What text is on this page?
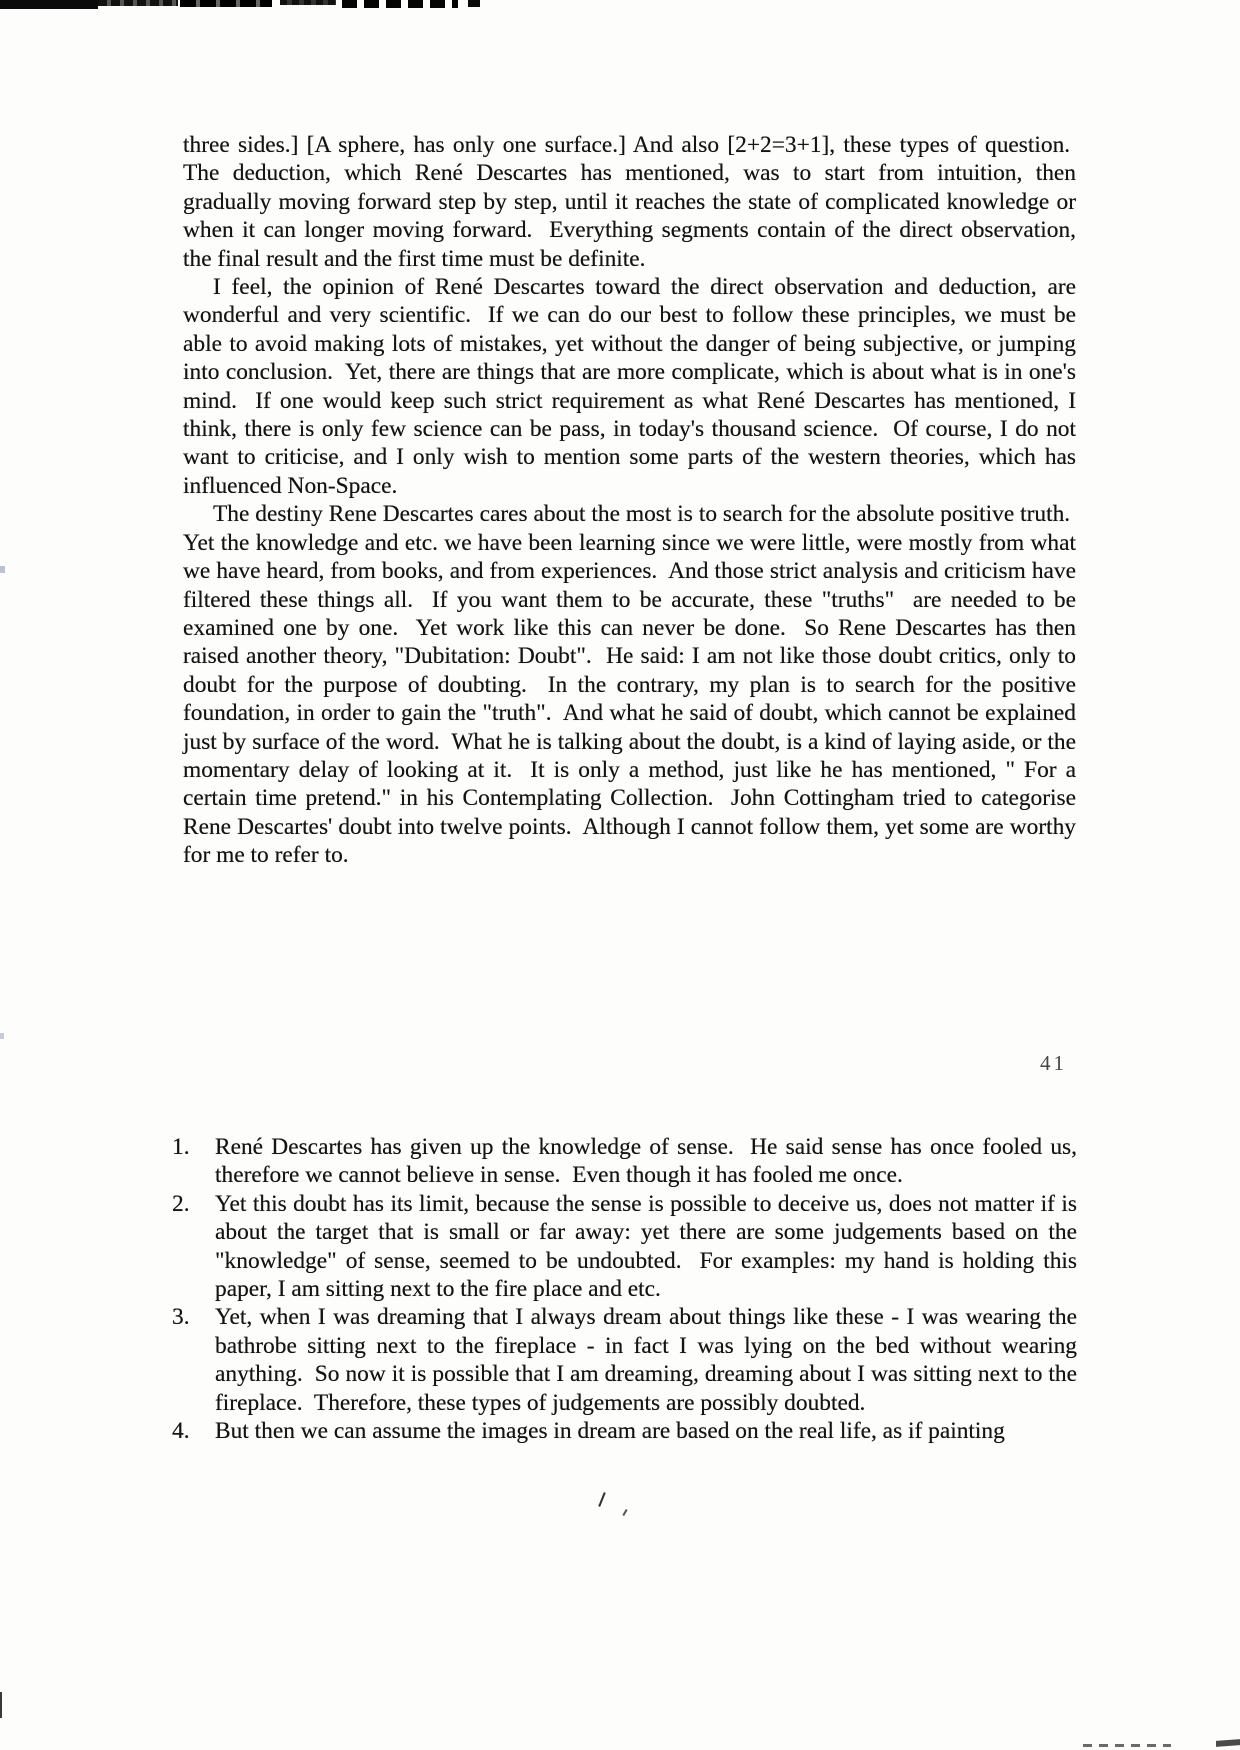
three sides.] [A sphere, has only one surface.] And also [2+2=3+1], these types of question.  The deduction, which René Descartes has mentioned, was to start from intuition, then gradually moving forward step by step, until it reaches the state of complicated knowledge or when it can longer moving forward.  Everything segments contain of the direct observation, the final result and the first time must be definite.

I feel, the opinion of René Descartes toward the direct observation and deduction, are wonderful and very scientific.  If we can do our best to follow these principles, we must be able to avoid making lots of mistakes, yet without the danger of being subjective, or jumping into conclusion.  Yet, there are things that are more complicate, which is about what is in one's mind.  If one would keep such strict requirement as what René Descartes has mentioned, I think, there is only few science can be pass, in today's thousand science.  Of course, I do not want to criticise, and I only wish to mention some parts of the western theories, which has influenced Non-Space.

The destiny Rene Descartes cares about the most is to search for the absolute positive truth.  Yet the knowledge and etc. we have been learning since we were little, were mostly from what we have heard, from books, and from experiences.  And those strict analysis and criticism have filtered these things all.  If you want them to be accurate, these "truths"  are needed to be examined one by one.  Yet work like this can never be done.  So Rene Descartes has then raised another theory, "Dubitation: Doubt".  He said: I am not like those doubt critics, only to doubt for the purpose of doubting.  In the contrary, my plan is to search for the positive foundation, in order to gain the "truth".  And what he said of doubt, which cannot be explained just by surface of the word.  What he is talking about the doubt, is a kind of laying aside, or the momentary delay of looking at it.  It is only a method, just like he has mentioned, " For a certain time pretend." in his Contemplating Collection.  John Cottingham tried to categorise Rene Descartes' doubt into twelve points.  Although I cannot follow them, yet some are worthy for me to refer to.

41
1.	René Descartes has given up the knowledge of sense.  He said sense has once fooled us, therefore we cannot believe in sense.  Even though it has fooled me once.
2.	Yet this doubt has its limit, because the sense is possible to deceive us, does not matter if is about the target that is small or far away: yet there are some judgements based on the "knowledge" of sense, seemed to be undoubted.  For examples: my hand is holding this paper, I am sitting next to the fire place and etc.
3.	Yet, when I was dreaming that I always dream about things like these - I was wearing the bathrobe sitting next to the fireplace - in fact I was lying on the bed without wearing anything.  So now it is possible that I am dreaming, dreaming about I was sitting next to the fireplace.  Therefore, these types of judgements are possibly doubted.
4.	But then we can assume the images in dream are based on the real life, as if painting
